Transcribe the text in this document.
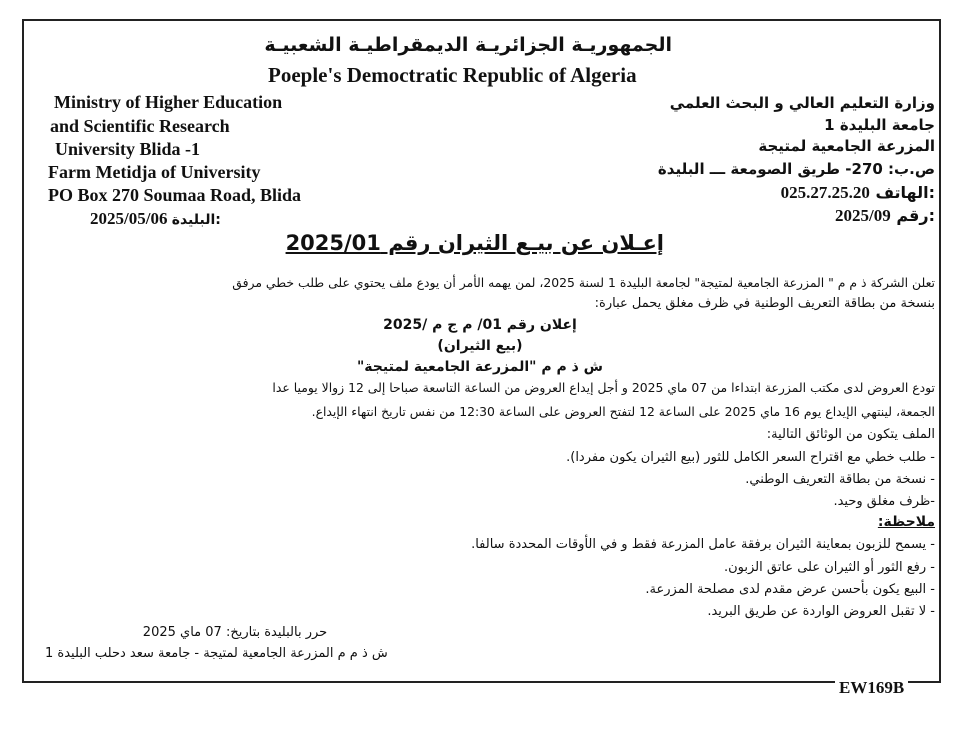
الجمهوريـة الجزائريـة الديمقراطيـة الشعبيـة
Poeple's Democtratic Republic of Algeria
Ministry of Higher Education
and Scientific Research
University Blida -1
Farm Metidja of University
PO Box 270 Soumaa Road, Blida
2025/05/06 البليدة:
وزارة التعليم العالي و البحث العلمي
جامعة البليدة 1
المزرعة الجامعية لمتيجة
ص.ب: 270- طريق الصومعة ـــ البليدة
025.27.25.20 الهاتف:
2025/09 رقم:
إعـلان عن بيـع الثيران رقم 2025/01
تعلن الشركة ذ م م " المزرعة الجامعية لمتيجة" لجامعة البليدة 1 لسنة 2025، لمن يهمه الأمر أن يودع ملف يحتوي على طلب خطي مرفق
بنسخة من بطاقة التعريف الوطنية في ظرف مغلق يحمل عبارة:
إعلان رقم 01/ م ج م /2025
(بيع الثيران)
ش ذ م م "المزرعة الجامعية لمتيجة"
تودع العروض لدى مكتب المزرعة ابتداءا من 07 ماي 2025 و أجل إيداع العروض من الساعة التاسعة صباحا إلى 12 زوالا يوميا عدا
الجمعة، لينتهي الإيداع يوم 16 ماي 2025 على الساعة 12 لتفتح العروض على الساعة 12:30 من نفس تاريخ انتهاء الإيداع.
الملف يتكون من الوثائق التالية:
- طلب خطي مع اقتراح السعر الكامل للثور (بيع الثيران يكون مفردا).
- نسخة من بطاقة التعريف الوطني.
-ظرف مغلق وحيد.
ملاحظة:
- يسمح للزبون بمعاينة الثيران برفقة عامل المزرعة فقط و في الأوقات المحددة سالفا.
- رفع الثور أو الثيران على عاتق الزبون.
- البيع يكون بأحسن عرض مقدم لدى مصلحة المزرعة.
- لا تقبل العروض الواردة عن طريق البريد.
حرر بالبليدة بتاريخ: 07 ماي 2025
ش ذ م م المزرعة الجامعية لمتيجة - جامعة سعد دحلب البليدة 1
EW169B
